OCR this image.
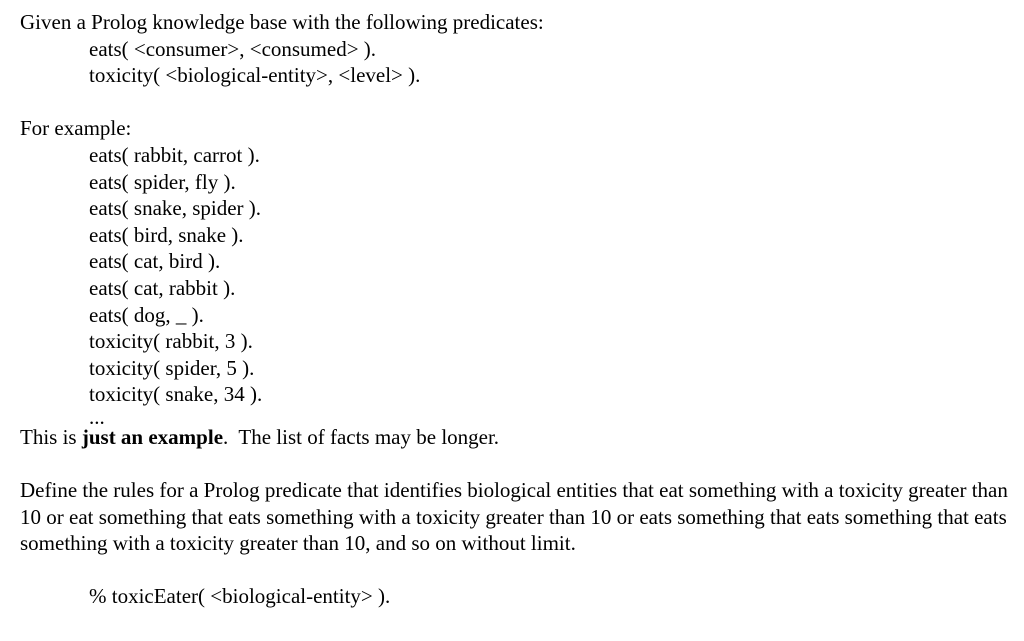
Given a Prolog knowledge base with the following predicates:
eats( <consumer>, <consumed> ).
toxicity( <biological-entity>, <level> ).
For example:
eats( rabbit, carrot ).
eats( spider, fly ).
eats( snake, spider ).
eats( bird, snake ).
eats( cat, bird ).
eats( cat, rabbit ).
eats( dog, _ ).
toxicity( rabbit, 3 ).
toxicity( spider, 5 ).
toxicity( snake, 34 ).
...
This is just an example.  The list of facts may be longer.

Define the rules for a Prolog predicate that identifies biological entities that eat something with a toxicity greater than 10 or eat something that eats something with a toxicity greater than 10 or eats something that eats something that eats something with a toxicity greater than 10, and so on without limit.

% toxicEater( <biological-entity> ).
